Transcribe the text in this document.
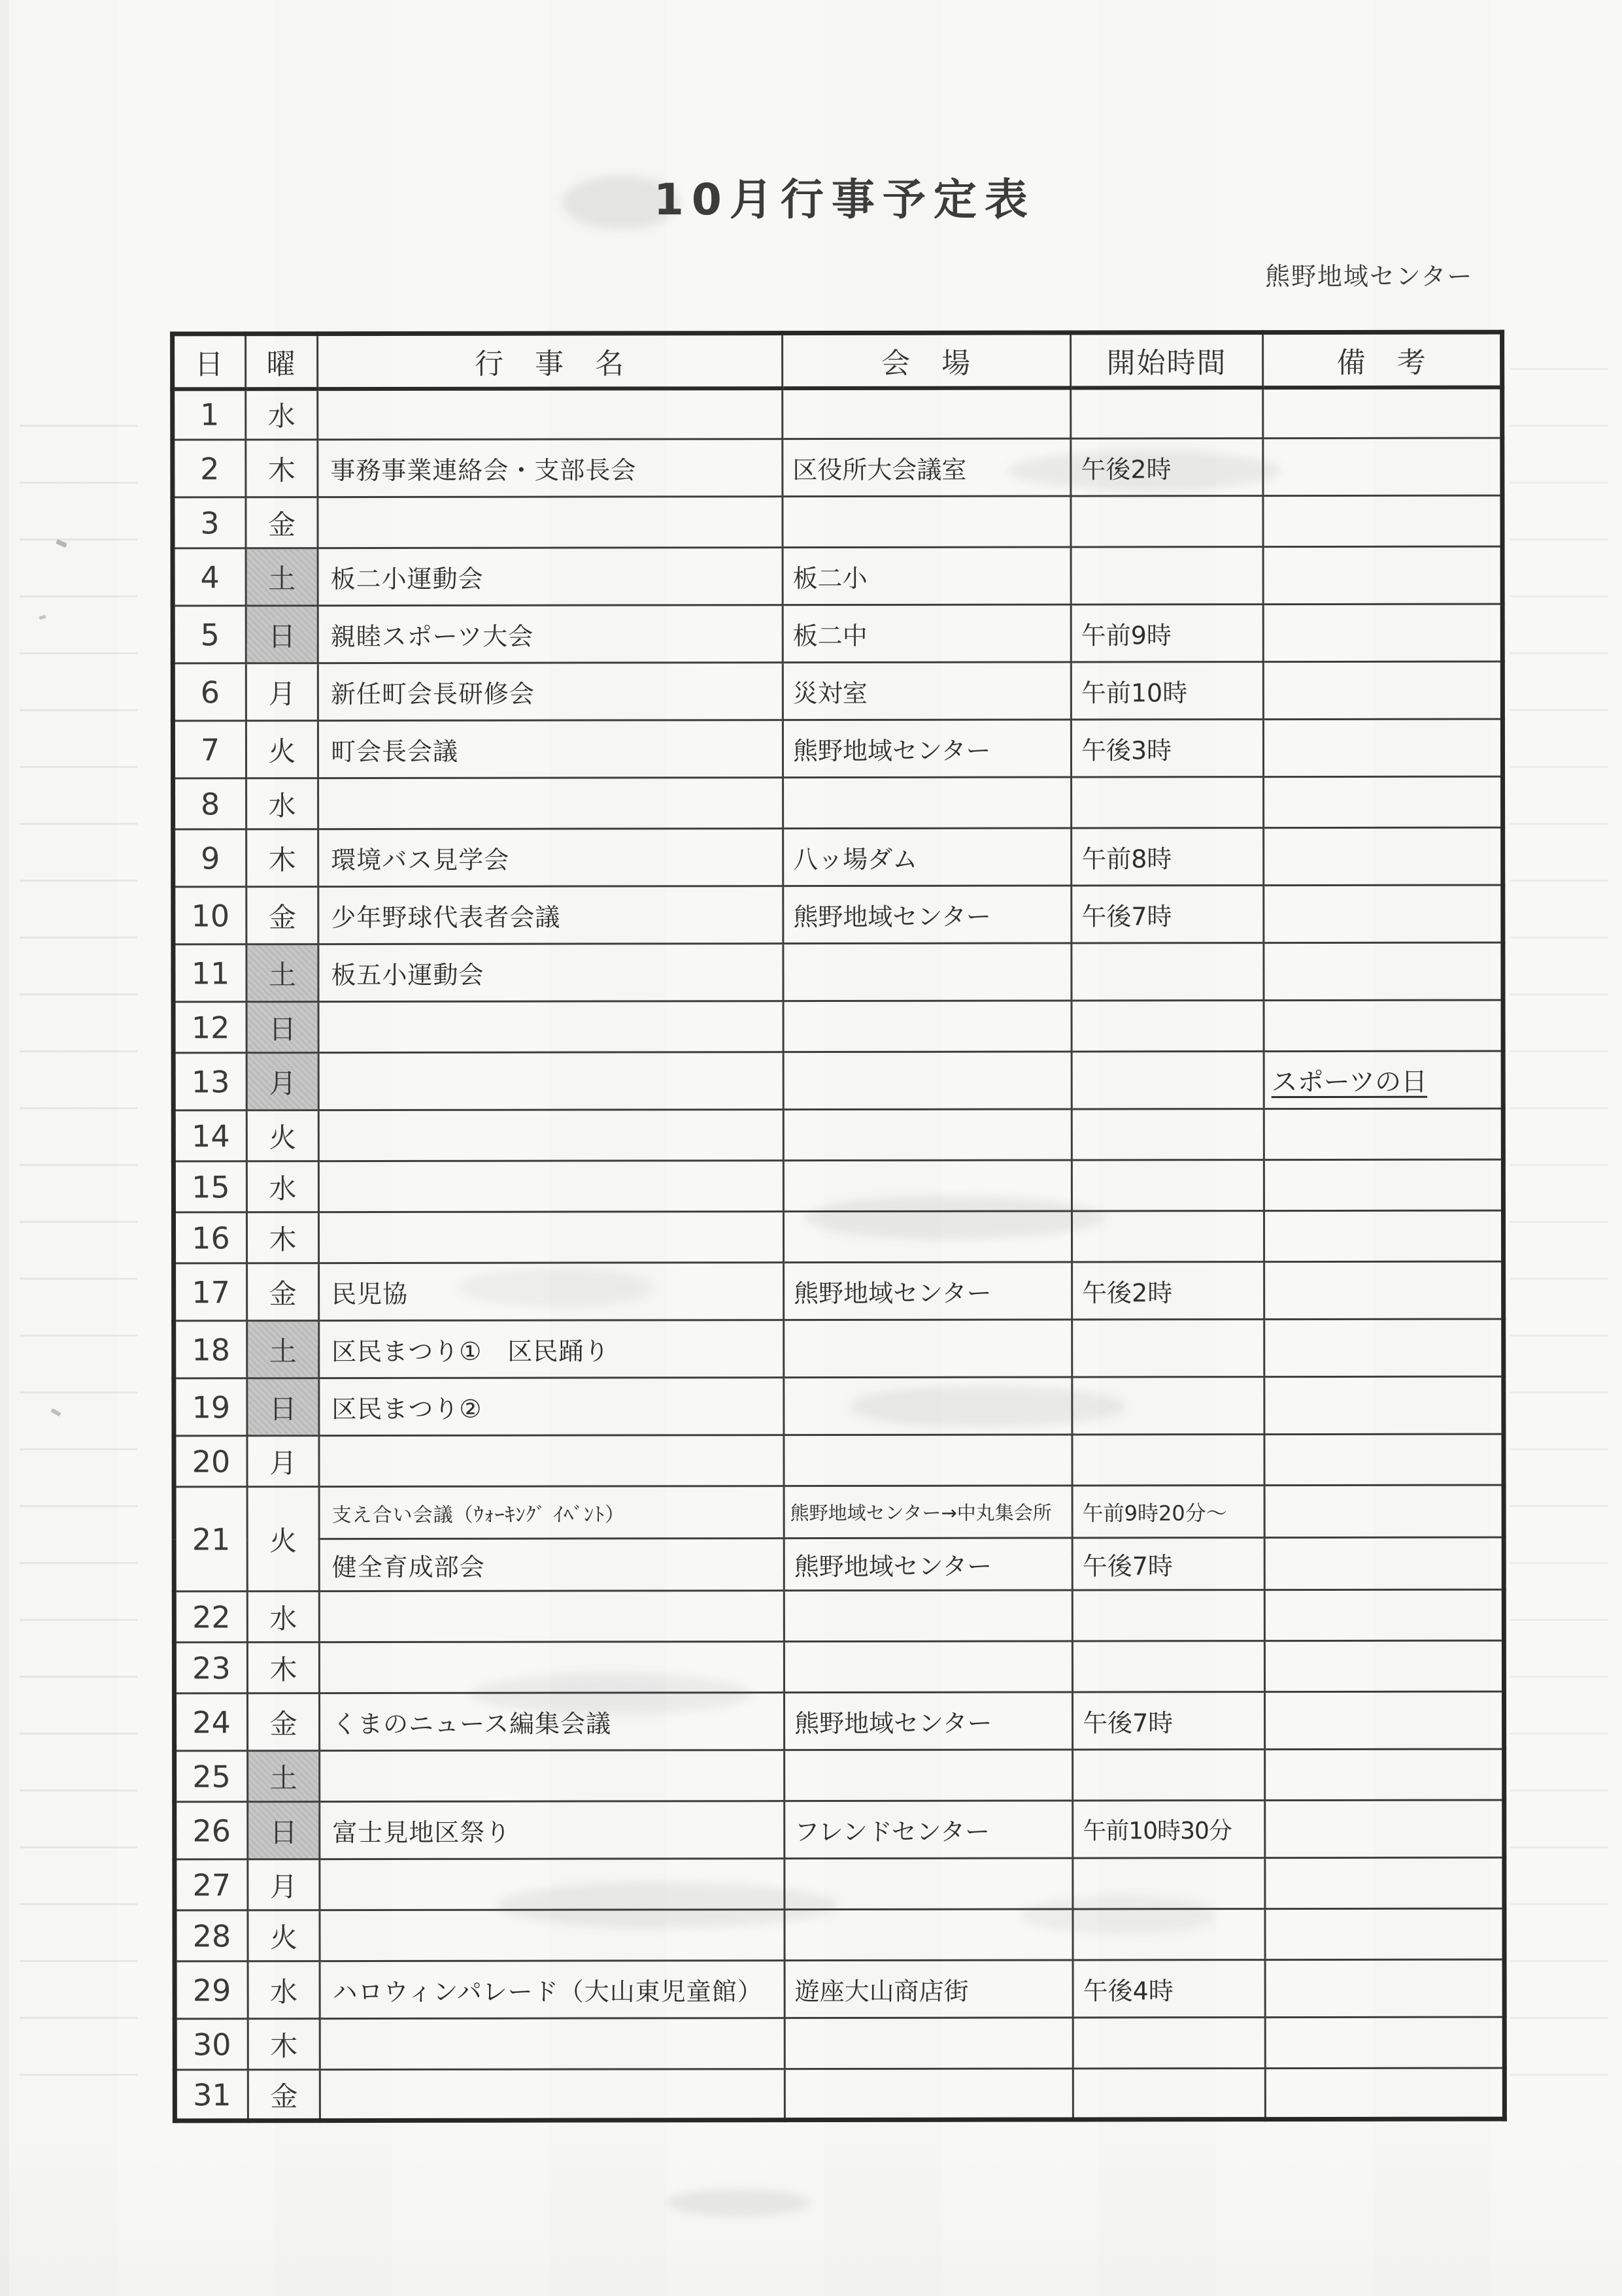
10月行事予定表
熊野地域センター
日	曜	行　事　名	会　場	開始時間	備　考
1	水				
2	木	事務事業連絡会・支部長会	区役所大会議室	午後2時	
3	金				
4	土	板二小運動会	板二小		
5	日	親睦スポーツ大会	板二中	午前9時	
6	月	新任町会長研修会	災対室	午前10時	
7	火	町会長会議	熊野地域センター	午後3時	
8	水				
9	木	環境バス見学会	八ッ場ダム	午前8時	
10	金	少年野球代表者会議	熊野地域センター	午後7時	
11	土	板五小運動会			
12	日				
13	月				スポーツの日
14	火				
15	水				
16	木				
17	金	民児協	熊野地域センター	午後2時	
18	土	区民まつり①　区民踊り			
19	日	区民まつり②			
20	月				
21	火	支え合い会議（ｳｫｰｷﾝｸﾞ ｲﾍﾞﾝﾄ）	熊野地域センター→中丸集会所	午前9時20分～	
		健全育成部会	熊野地域センター	午後7時	
22	水				
23	木				
24	金	くまのニュース編集会議	熊野地域センター	午後7時	
25	土				
26	日	富士見地区祭り	フレンドセンター	午前10時30分	
27	月				
28	火				
29	水	ハロウィンパレード（大山東児童館）	遊座大山商店街	午後4時	
30	木				
31	金				
